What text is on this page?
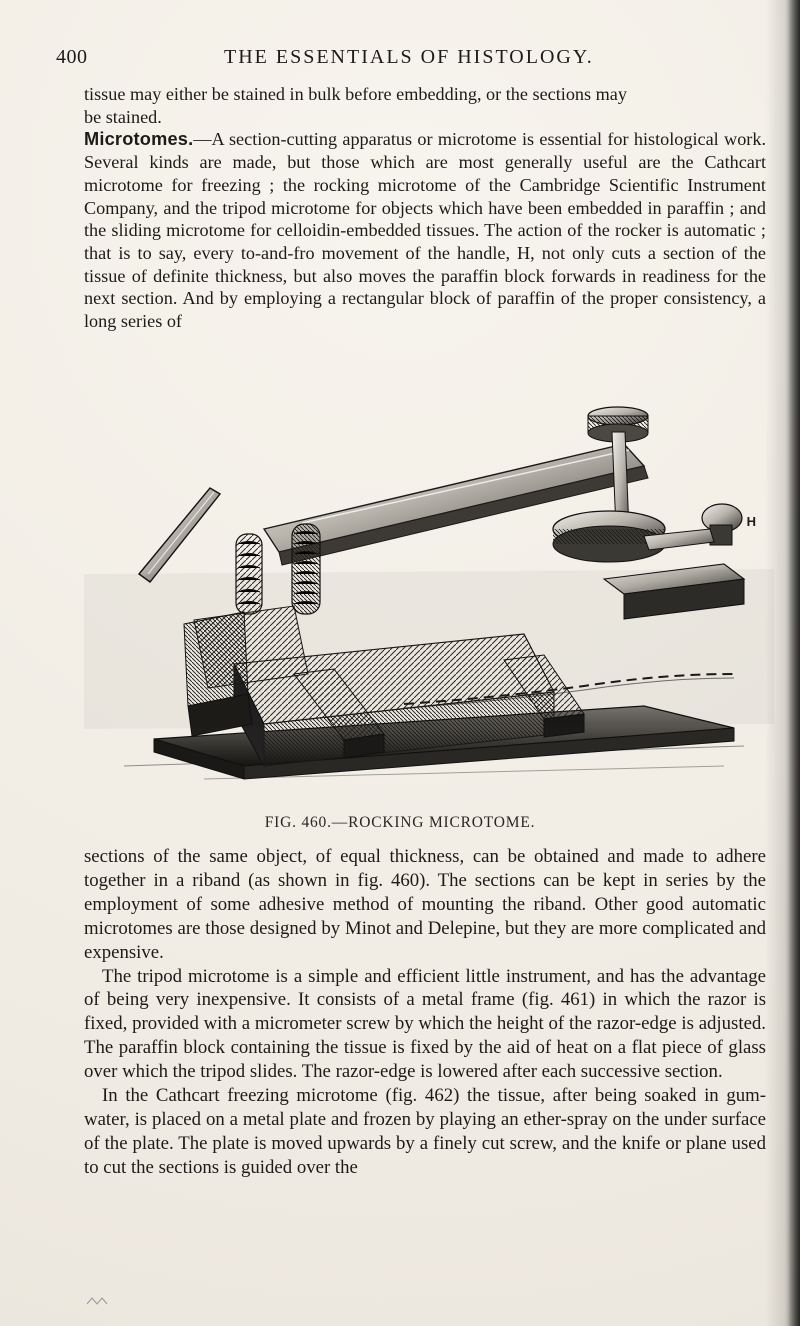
400	THE ESSENTIALS OF HISTOLOGY.

tissue may either be stained in bulk before embedding, or the sections may

be stained.

Microtomes.—A section-cutting apparatus or microtome is essential for histological work. Several kinds are made, but those which are most generally useful are the Cathcart microtome for freezing ; the rocking microtome of the Cambridge Scientific Instrument Company, and the tripod microtome for objects which have been embedded in paraffin ; and the sliding microtome for celloidin-embedded tissues. The action of the rocker is automatic ; that is to say, every to-and-fro movement of the handle, H, not only cuts a section of the tissue of definite thickness, but also moves the paraffin block forwards in readiness for the next section. And by employing a rectangular block of paraffin of the proper consistency, a long series of

H
FIG. 460.—ROCKING MICROTOME.

sections of the same object, of equal thickness, can be obtained and made to adhere together in a riband (as shown in fig. 460). The sections can be kept in series by the employment of some adhesive method of mounting the riband. Other good automatic microtomes are those designed by Minot and Delepine, but they are more complicated and expensive.

The tripod microtome is a simple and efficient little instrument, and has the advantage of being very inexpensive. It consists of a metal frame (fig. 461) in which the razor is fixed, provided with a micrometer screw by which the height of the razor-edge is adjusted. The paraffin block containing the tissue is fixed by the aid of heat on a flat piece of glass over which the tripod slides. The razor-edge is lowered after each successive section.

In the Cathcart freezing microtome (fig. 462) the tissue, after being soaked in gum-water, is placed on a metal plate and frozen by playing an ether-spray on the under surface of the plate. The plate is moved upwards by a finely cut screw, and the knife or plane used to cut the sections is guided over the
